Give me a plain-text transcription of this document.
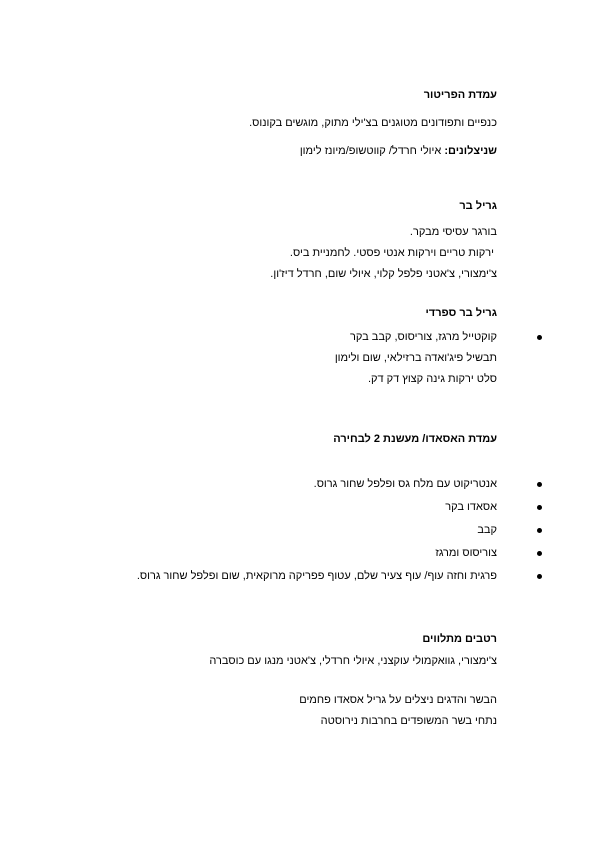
עמדת הפריטור
כנפיים ותפודונים מטוגנים בצ'ילי מתוק, מוגשים בקונוס.
שניצלונים: איולי חרדל/ קווטשופ/מיונז לימון
גריל בר
בורגר עסיסי מבקר.
ירקות טריים וירקות אנטי פסטי. לחמניית ביס.
צ'ימצורי, צ'אטני פלפל קלוי, איולי שום, חרדל דיז'ון.
גריל בר ספרדי
קוקטייל מרגז, צוריסוס, קבב בקר
תבשיל פיג'ואדה ברזילאי, שום ולימון
סלט ירקות גינה קצוץ דק דק.
עמדת האסאדו/ מעשנת 2 לבחירה
אנטריקוט עם מלח גס ופלפל שחור גרוס.
אסאדו בקר
קבב
צוריסוס ומרגז
פרגית וחזה עוף/ עוף צעיר שלם, עטוף פפריקה מרוקאית, שום ופלפל שחור גרוס.
רטבים מתלווים
צ'ימצורי, גוואקמולי עוקצני, איולי חרדלי, צ'אטני מנגו עם כוסברה
הבשר והדגים ניצלים על גריל אסאדו פחמים
נתחי בשר המשופדים בחרבות נירוסטה
